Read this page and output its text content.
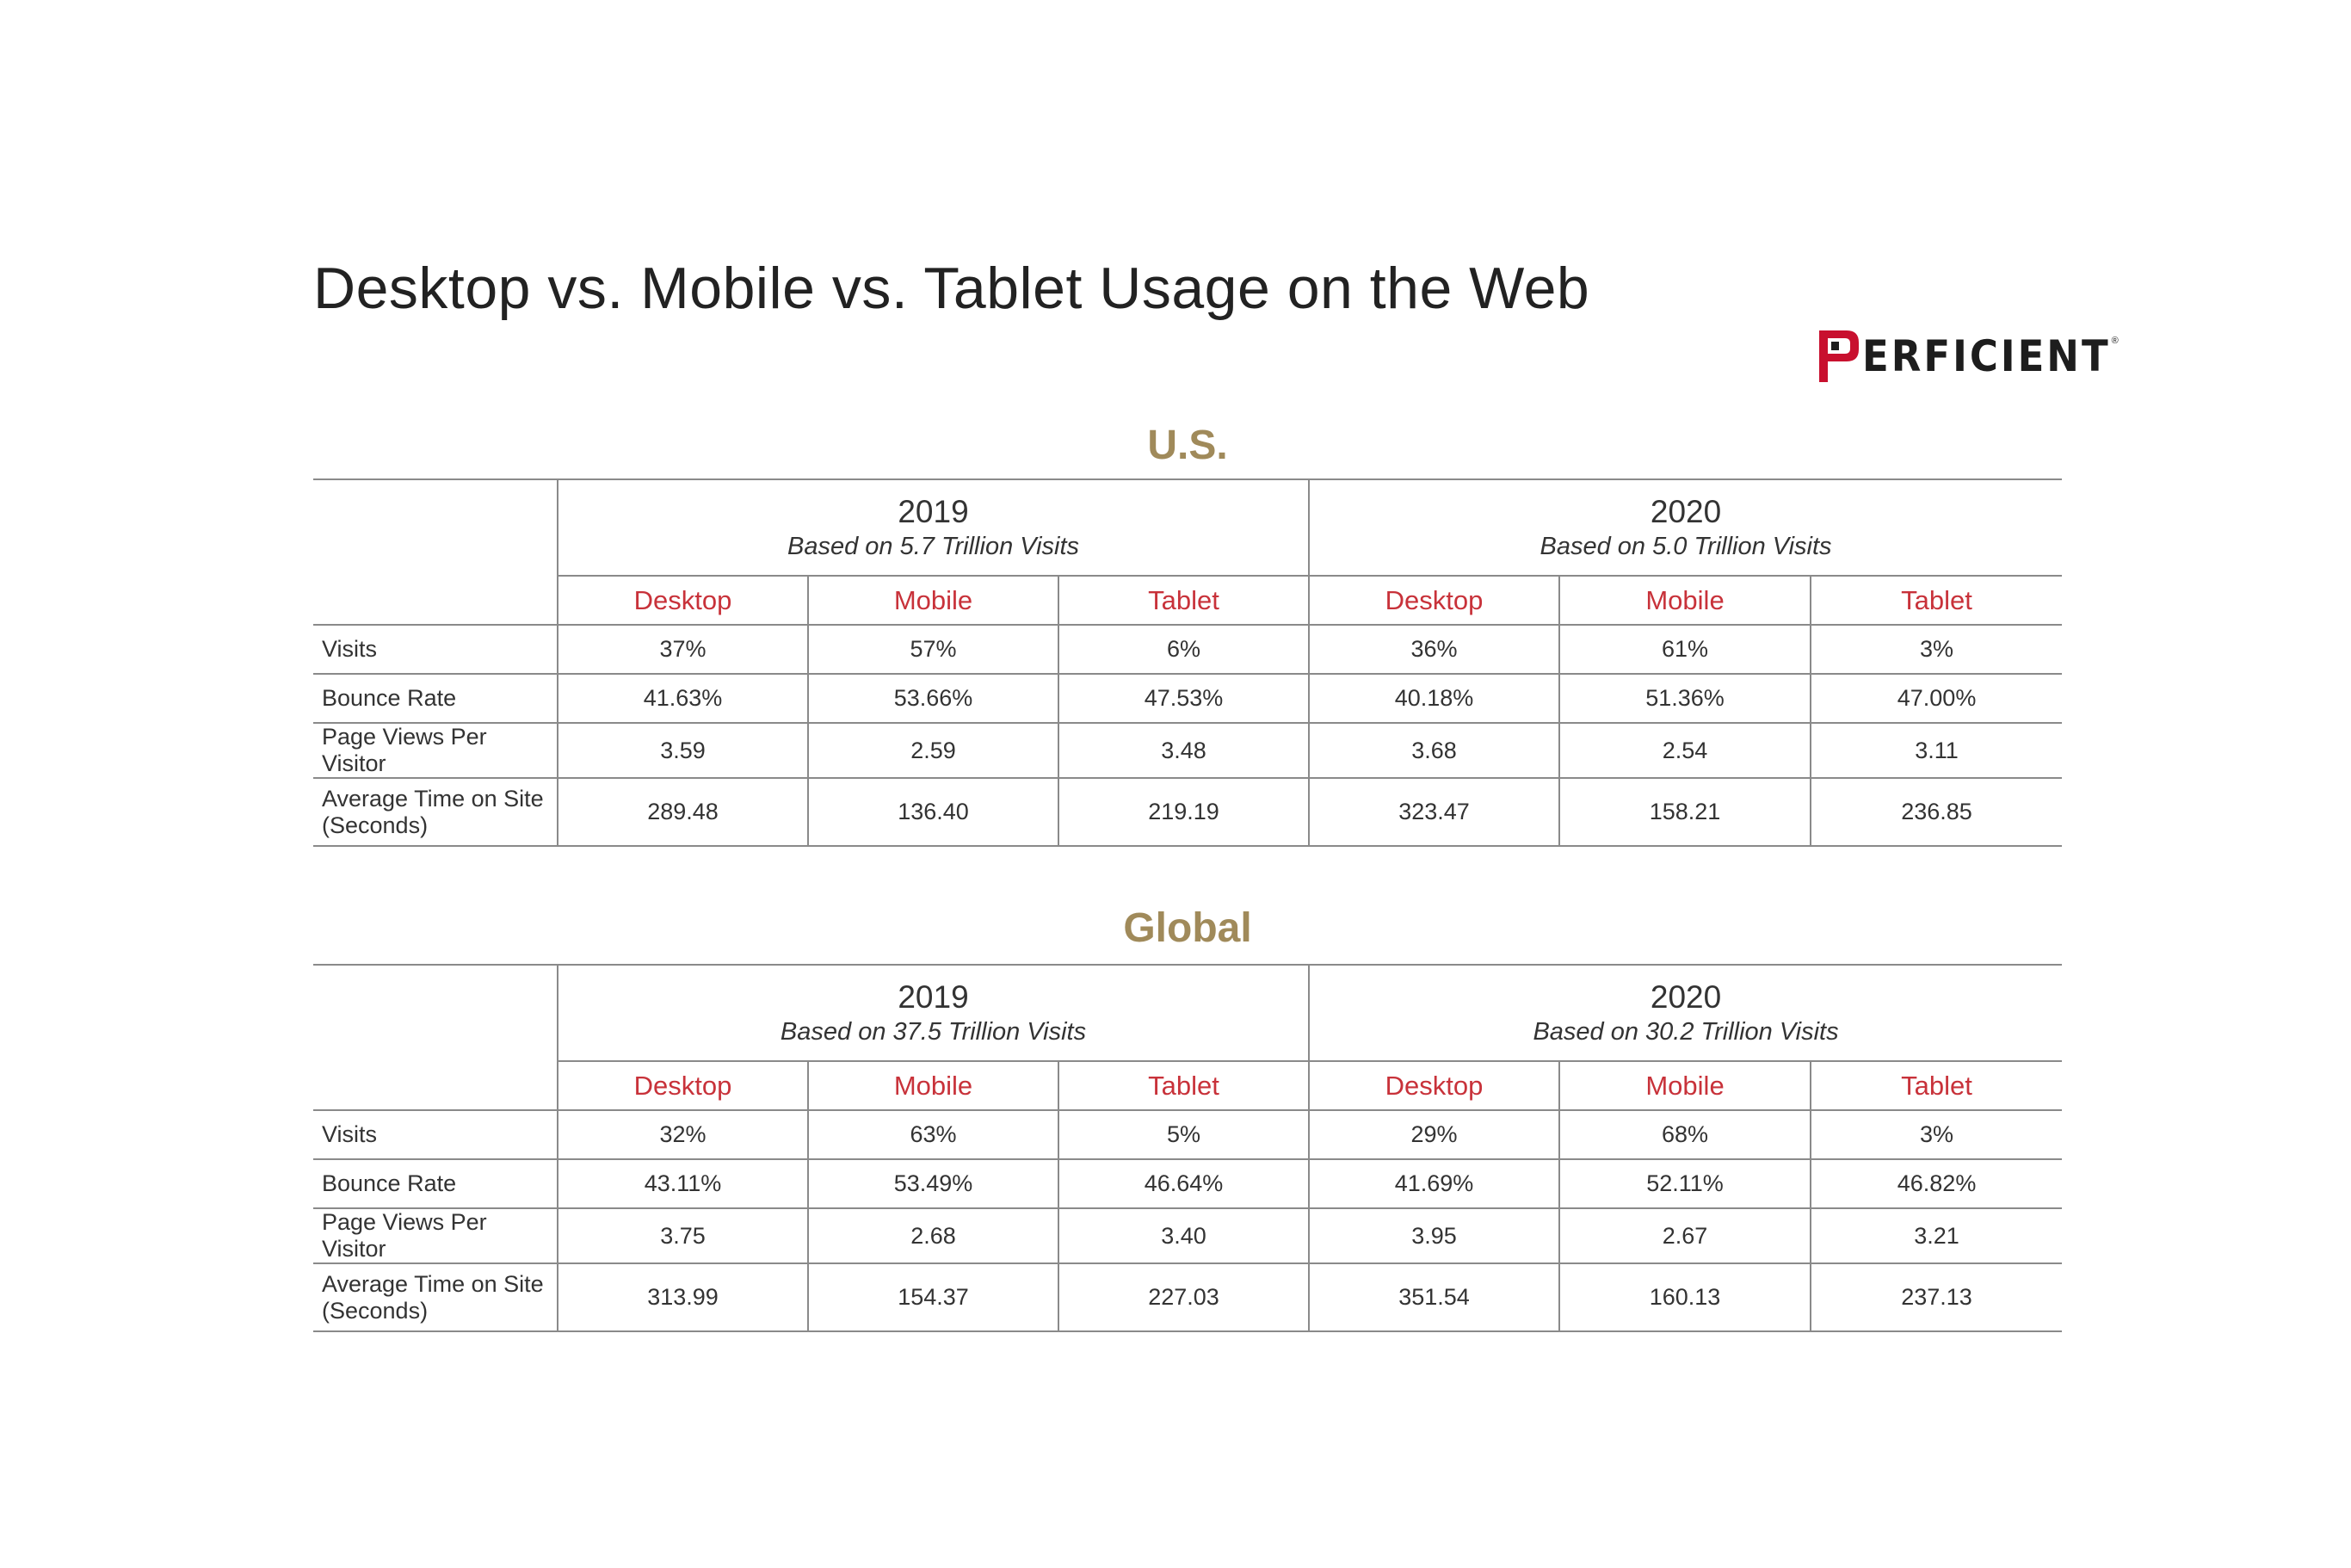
Desktop vs. Mobile vs. Tablet Usage on the Web
ERFICIENT ®
U.S.

	2019
Based on 5.7 Trillion Visits			2020
Based on 5.0 Trillion Visits		

	Desktop	Mobile	Tablet	Desktop	Mobile	Tablet
Visits	37%	57%	6%	36%	61%	3%
Bounce Rate	41.63%	53.66%	47.53%	40.18%	51.36%	47.00%
Page Views Per Visitor	3.59	2.59	3.48	3.68	2.54	3.11
Average Time on Site
(Seconds)	289.48	136.40	219.19	323.47	158.21	236.85
Global

	2019
Based on 37.5 Trillion Visits			2020
Based on 30.2 Trillion Visits		

	Desktop	Mobile	Tablet	Desktop	Mobile	Tablet
Visits	32%	63%	5%	29%	68%	3%
Bounce Rate	43.11%	53.49%	46.64%	41.69%	52.11%	46.82%
Page Views Per Visitor	3.75	2.68	3.40	3.95	2.67	3.21
Average Time on Site
(Seconds)	313.99	154.37	227.03	351.54	160.13	237.13
